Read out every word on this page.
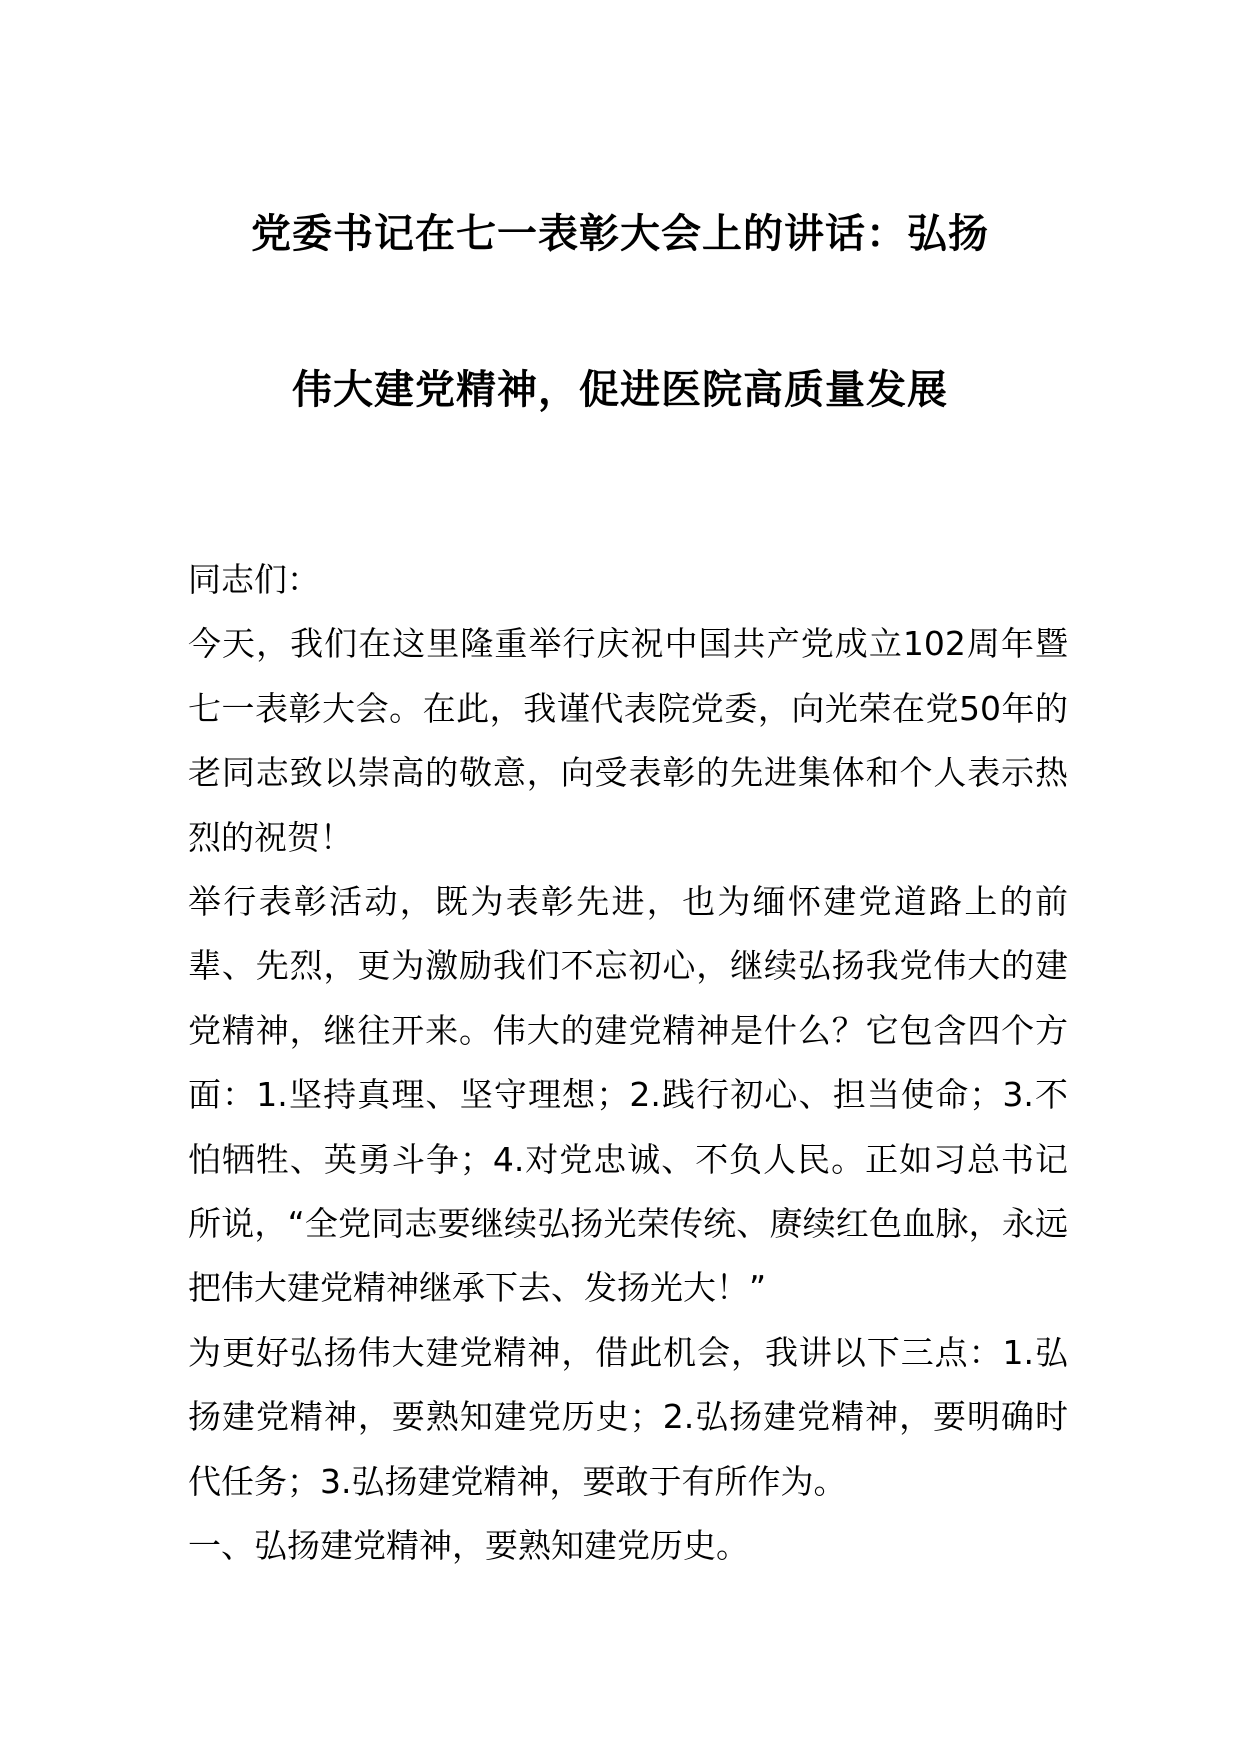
党委书记在七一表彰大会上的讲话：弘扬
伟大建党精神，促进医院高质量发展

同志们：

今天，我们在这里隆重举行庆祝中国共产党成立102周年暨七一表彰大会。在此，我谨代表院党委，向光荣在党50年的老同志致以崇高的敬意，向受表彰的先进集体和个人表示热烈的祝贺！

举行表彰活动，既为表彰先进，也为缅怀建党道路上的前辈、先烈，更为激励我们不忘初心，继续弘扬我党伟大的建党精神，继往开来。伟大的建党精神是什么？它包含四个方面：1.坚持真理、坚守理想；2.践行初心、担当使命；3.不怕牺牲、英勇斗争；4.对党忠诚、不负人民。正如习总书记所说，“全党同志要继续弘扬光荣传统、赓续红色血脉，永远把伟大建党精神继承下去、发扬光大！”

为更好弘扬伟大建党精神，借此机会，我讲以下三点：1.弘扬建党精神，要熟知建党历史；2.弘扬建党精神，要明确时代任务；3.弘扬建党精神，要敢于有所作为。

一、弘扬建党精神，要熟知建党历史。
